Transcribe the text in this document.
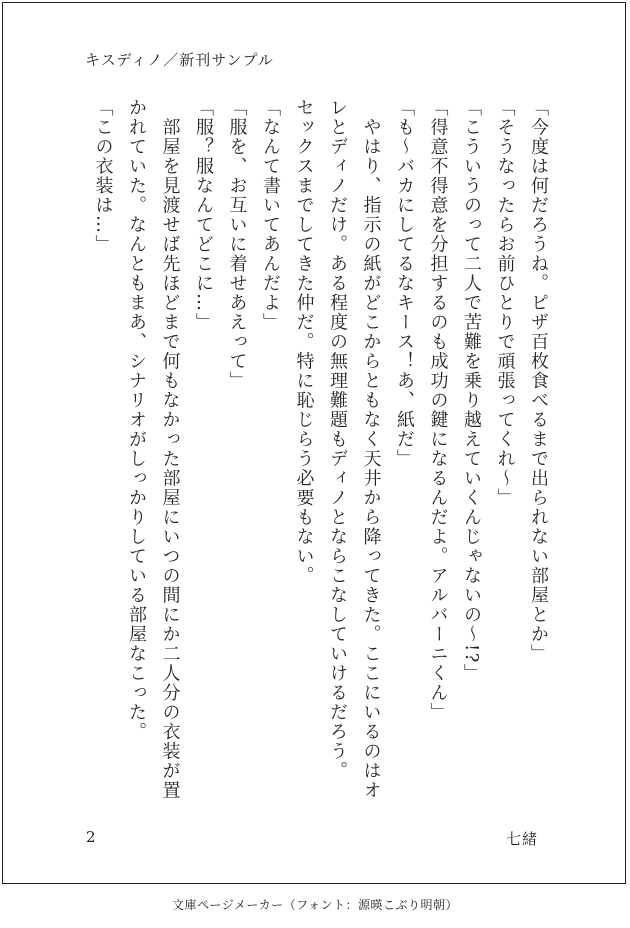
キスディノ／新刊サンプル
「今度は何だろうね。ピザ百枚食べるまで出られない部屋とか」
「そうなったらお前ひとりで頑張ってくれ～」
「こういうのって二人で苦難を乗り越えていくんじゃないの～!?」
「得意不得意を分担するのも成功の鍵になるんだよ。アルバーニくん」
「も～バカにしてるなキース！あ、紙だ」
　やはり、指示の紙がどこからともなく天井から降ってきた。ここにいるのはオ
レとディノだけ。ある程度の無理難題もディノとならこなしていけるだろう。
セックスまでしてきた仲だ。特に恥じらう必要もない。
「なんて書いてあんだよ」
「服を、お互いに着せあえって」
「服？服なんてどこに…」
　部屋を見渡せば先ほどまで何もなかった部屋にいつの間にか二人分の衣装が置
かれていた。なんともまあ、シナリオがしっかりしている部屋なこった。
「この衣装は…」
2	七緒
文庫ページメーカー（フォント：源暎こぶり明朝）
